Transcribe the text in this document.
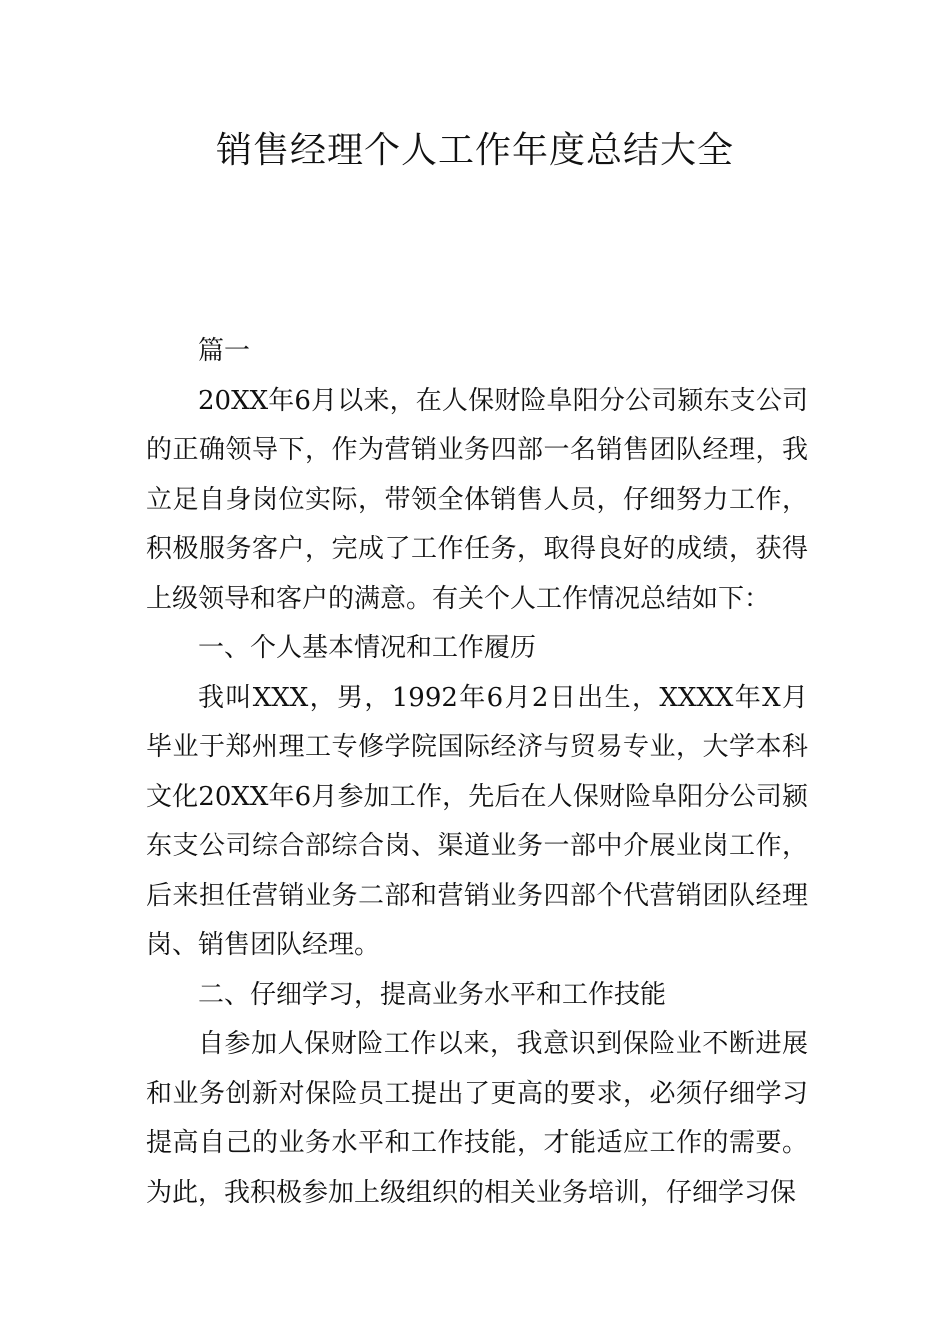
销售经理个人工作年度总结大全

篇一

20XX年6月以来，在人保财险阜阳分公司颍东支公司的正确领导下，作为营销业务四部一名销售团队经理，我立足自身岗位实际，带领全体销售人员，仔细努力工作，积极服务客户，完成了工作任务，取得良好的成绩，获得上级领导和客户的满意。有关个人工作情况总结如下：

一、个人基本情况和工作履历

我叫XXX，男，1992年6月2日出生，XXXX年X月毕业于郑州理工专修学院国际经济与贸易专业，大学本科文化20XX年6月参加工作，先后在人保财险阜阳分公司颍东支公司综合部综合岗、渠道业务一部中介展业岗工作，后来担任营销业务二部和营销业务四部个代营销团队经理岗、销售团队经理。

二、仔细学习，提高业务水平和工作技能

自参加人保财险工作以来，我意识到保险业不断进展和业务创新对保险员工提出了更高的要求，必须仔细学习提高自己的业务水平和工作技能，才能适应工作的需要。为此，我积极参加上级组织的相关业务培训，仔细学习保
